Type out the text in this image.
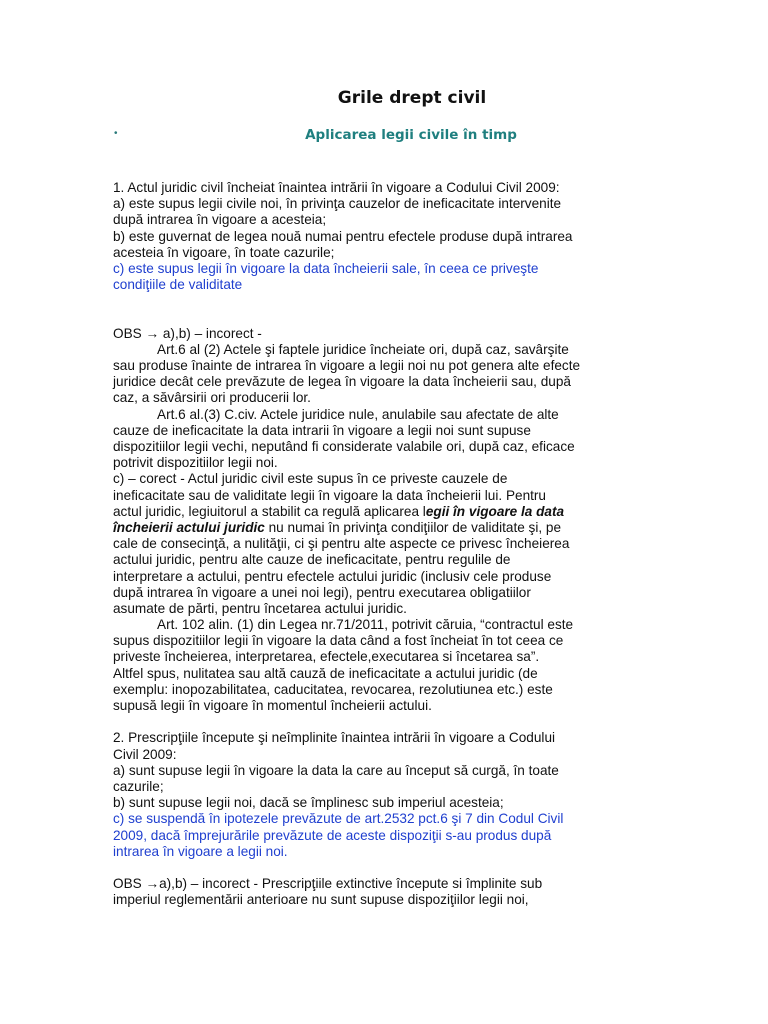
Grile drept civil
•	Aplicarea legii civile în timp
1. Actul juridic civil încheiat înaintea intrării în vigoare a Codului Civil 2009:
a) este supus legii civile noi, în privinţa cauzelor de ineficacitate intervenite
după intrarea în vigoare a acesteia;
b) este guvernat de legea nouă numai pentru efectele produse după intrarea
acesteia în vigoare, în toate cazurile;
c) este supus legii în vigoare la data încheierii sale, în ceea ce priveşte
condiţiile de validitate
OBS → a),b) – incorect -
Art.6 al (2) Actele şi faptele juridice încheiate ori, după caz, savârşite
sau produse înainte de intrarea în vigoare a legii noi nu pot genera alte efecte
juridice decât cele prevăzute de legea în vigoare la data încheierii sau, după
caz, a săvârsirii ori producerii lor.
Art.6 al.(3) C.civ. Actele juridice nule, anulabile sau afectate de alte
cauze de ineficacitate la data intrarii în vigoare a legii noi sunt supuse
dispozitiilor legii vechi, neputând fi considerate valabile ori, după caz, eficace
potrivit dispozitiilor legii noi.
c) – corect - Actul juridic civil este supus în ce priveste cauzele de
ineficacitate sau de validitate legii în vigoare la data încheierii lui. Pentru
actul juridic, legiuitorul a stabilit ca regulă aplicarea legii în vigoare la data
încheierii actului juridic nu numai în privinţa condiţiilor de validitate şi, pe
cale de consecinţă, a nulităţii, ci şi pentru alte aspecte ce privesc încheierea
actului juridic, pentru alte cauze de ineficacitate, pentru regulile de
interpretare a actului, pentru efectele actului juridic (inclusiv cele produse
după intrarea în vigoare a unei noi legi), pentru executarea obligatiilor
asumate de părti, pentru încetarea actului juridic.
Art. 102 alin. (1) din Legea nr.71/2011, potrivit căruia, “contractul este
supus dispozitiilor legii în vigoare la data când a fost încheiat în tot ceea ce
priveste încheierea, interpretarea, efectele,executarea si încetarea sa”.
Altfel spus, nulitatea sau altă cauză de ineficacitate a actului juridic (de
exemplu: inopozabilitatea, caducitatea, revocarea, rezolutiunea etc.) este
supusă legii în vigoare în momentul încheierii actului.
2. Prescripţiile începute şi neîmplinite înaintea intrării în vigoare a Codului
Civil 2009:
a) sunt supuse legii în vigoare la data la care au început să curgă, în toate
cazurile;
b) sunt supuse legii noi, dacă se împlinesc sub imperiul acesteia;
c) se suspendă în ipotezele prevăzute de art.2532 pct.6 şi 7 din Codul Civil
2009, dacă împrejurările prevăzute de aceste dispoziţii s-au produs după
intrarea în vigoare a legii noi.
OBS →a),b) – incorect - Prescripţiile extinctive începute si împlinite sub
imperiul reglementării anterioare nu sunt supuse dispoziţiilor legii noi,
